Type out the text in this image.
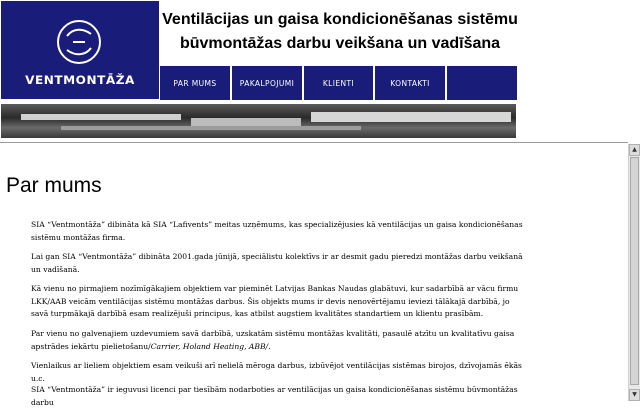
VENTMONTĀŽA
Ventilācijas un gaisa kondicionēšanas sistēmu
būvmontāžas darbu veikšana un vadīšana
PAR MUMS	PAKALPOJUMI	KLIENTI	KONTAKTI
Par mums

SIA “Ventmontāža” dibināta kā SIA “Lafivents” meitas uzņēmums, kas specializējusies kā ventilācijas un gaisa kondicionēšanas sistēmu montāžas firma.

Lai gan SIA “Ventmontāža” dibināta 2001.gada jūnijā, speciālistu kolektīvs ir ar desmit gadu pieredzi montāžas darbu veikšanā un vadīšanā.

Kā vienu no pirmajiem nozīmīgākajiem objektiem var pieminēt Latvijas Bankas Naudas glabātuvi, kur sadarbībā ar vācu firmu LKK/AAB veicām ventilācijas sistēmu montāžas darbus. Šis objekts mums ir devis nenovērtējamu ieviezi tālākajā darbībā, jo savā turpmākajā darbībā esam realizējuši principus, kas atbilst augstiem kvalitātes standartiem un klientu prasībām.

Par vienu no galvenajiem uzdevumiem savā darbībā, uzskatām sistēmu montāžas kvalitāti, pasaulē atzītu un kvalitatīvu gaisa apstrādes iekārtu pielietošanu/Carrier, Holand Heating, ABB/.

Vienlaikus ar lieliem objektiem esam veikuši arī nelielā mēroga darbus, izbūvējot ventilācijas sistēmas birojos, dzīvojamās ēkās u.c.

SIA “Ventmontāža” ir ieguvusi licenci par tiesībām nodarboties ar ventilācijas un gaisa kondicionēšanas sistēmu būvmontāžas darbu

▲
▼
